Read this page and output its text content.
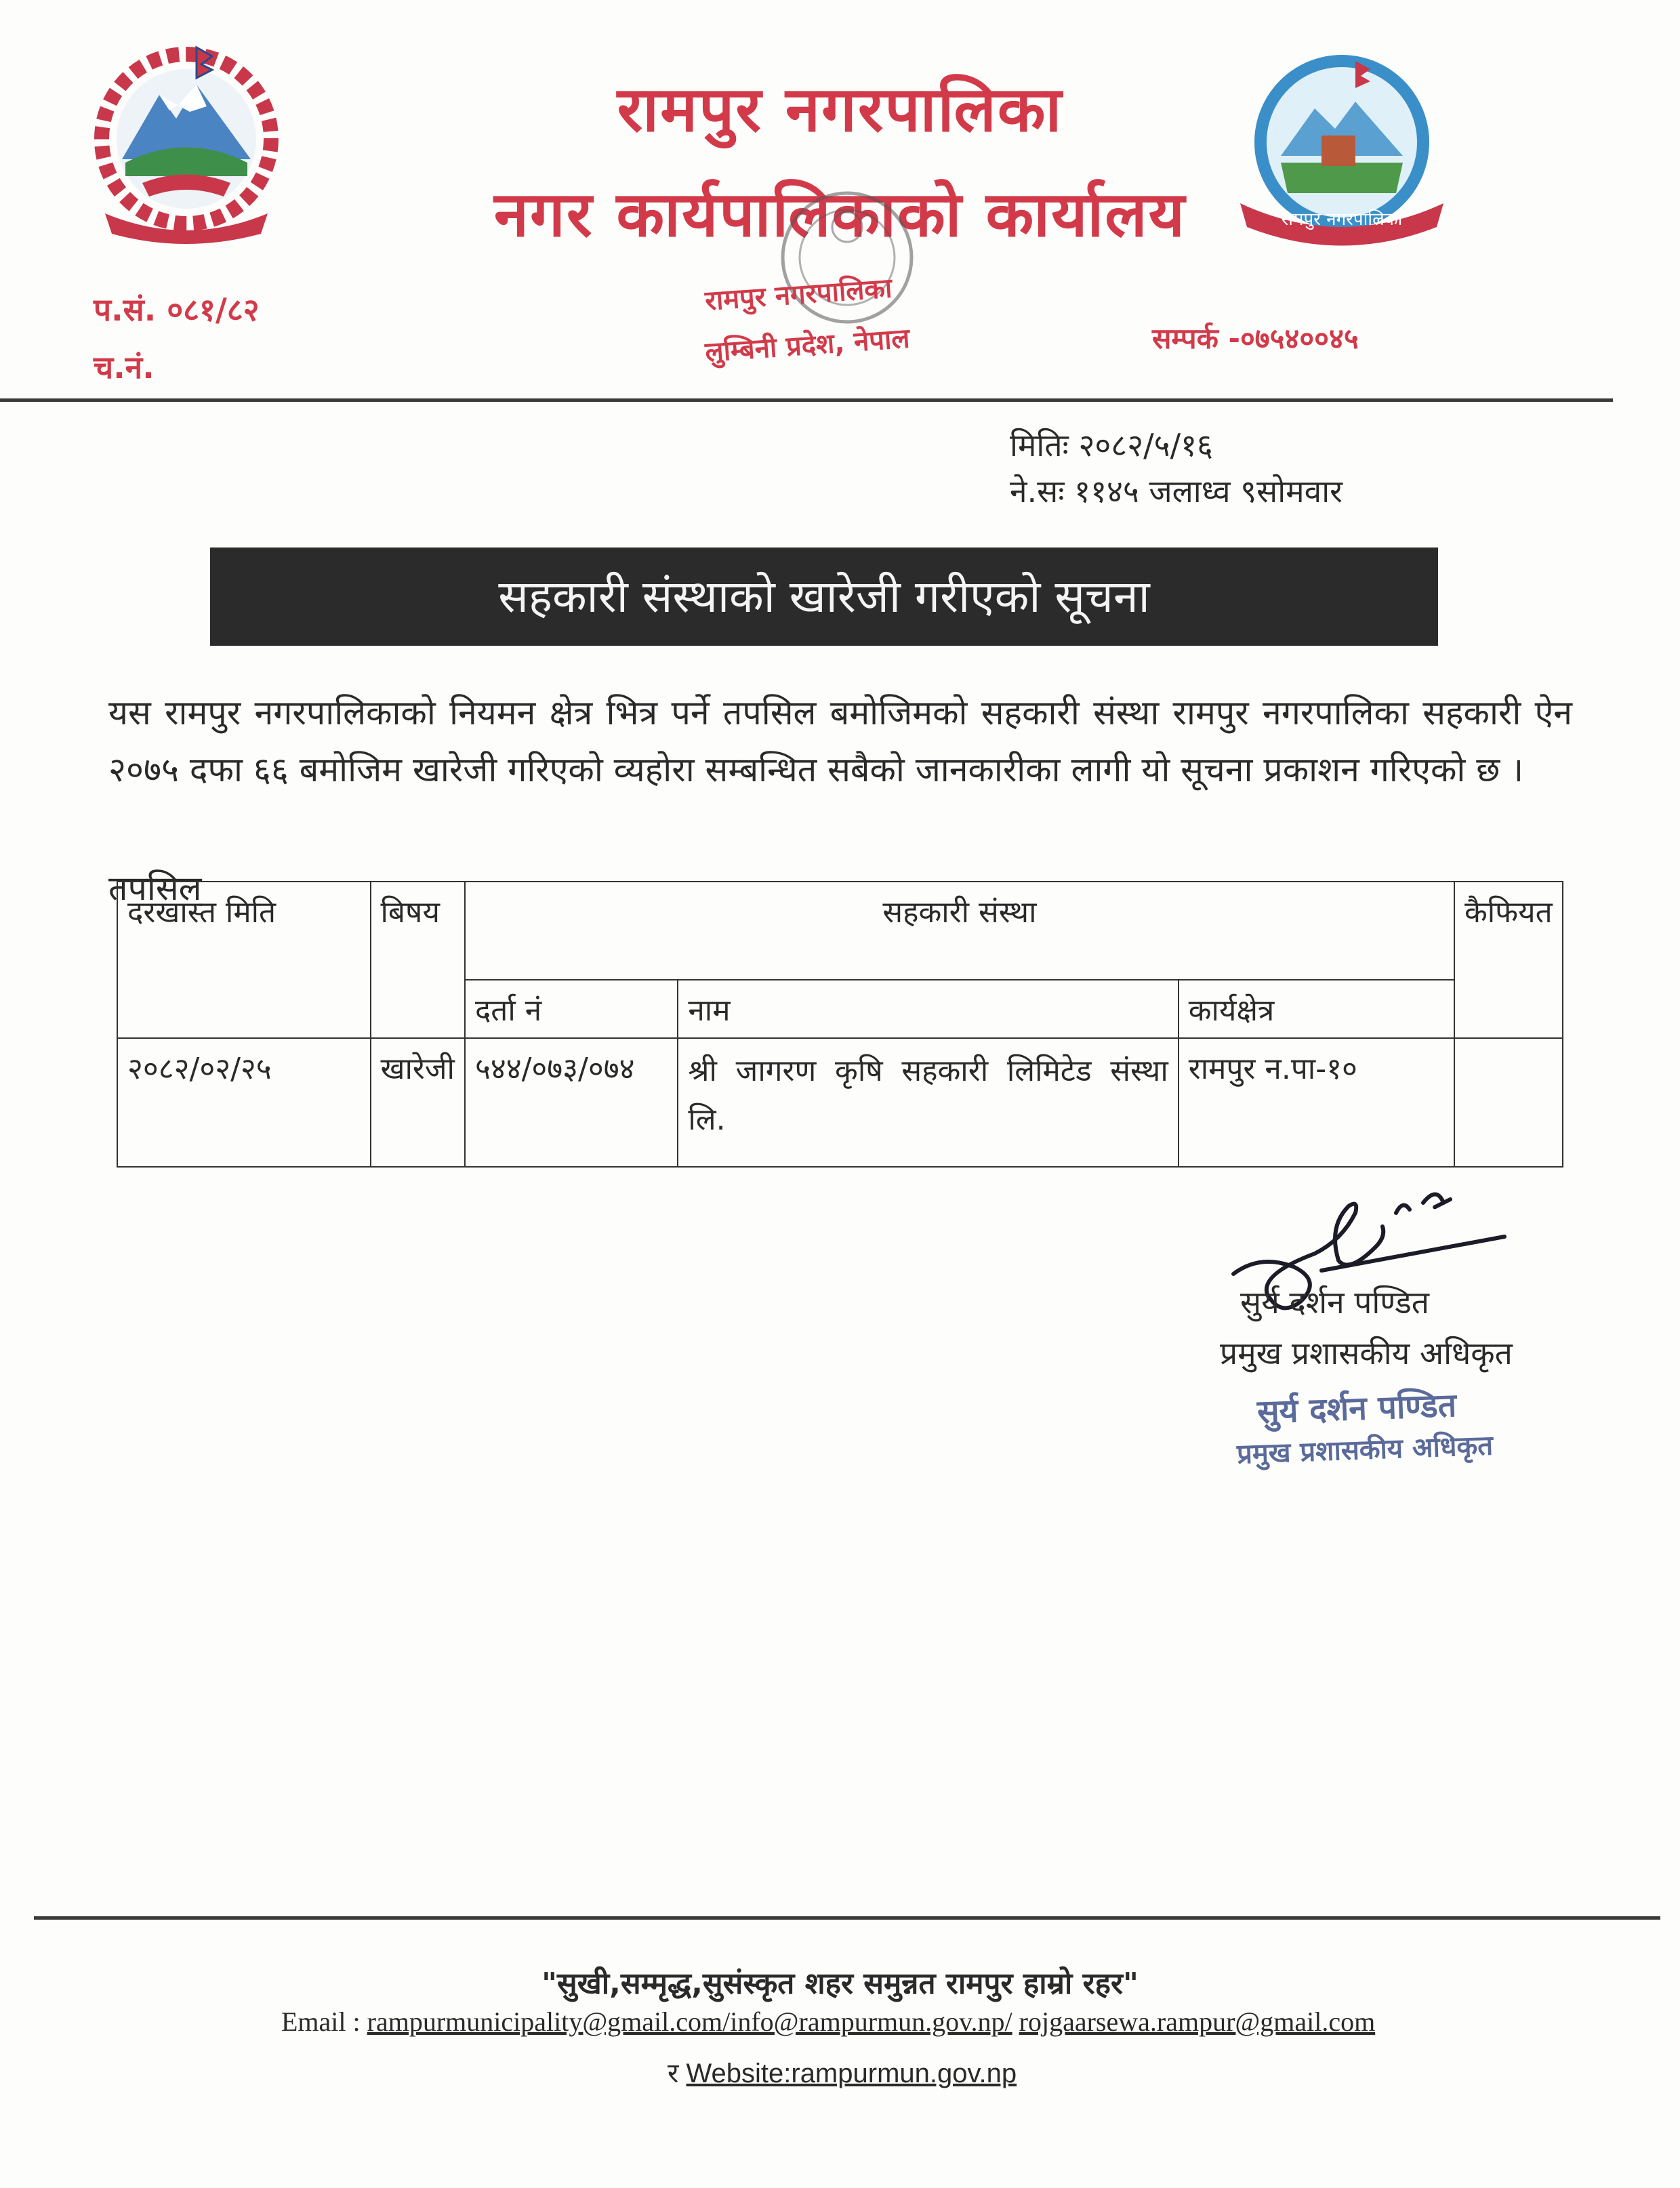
रामपुर नगरपालिका
नगर कार्यपालिकाको कार्यालय	रामपुर नगरपालिका
प.सं. ०८१/८२
च.नं.
सम्पर्क -०७५४००४५
रामपुर नगरपालिका
लुम्बिनी प्रदेश, नेपाल
मितिः २०८२/५/१६
ने.सः ११४५ जलाध्व ९सोमवार
सहकारी संस्थाको खारेजी गरीएको सूचना
यस रामपुर नगरपालिकाको नियमन क्षेत्र भित्र पर्ने तपसिल बमोजिमको सहकारी संस्था रामपुर नगरपालिका सहकारी ऐन २०७५ दफा ६६ बमोजिम खारेजी गरिएको व्यहोरा सम्बन्धित सबैको जानकारीका लागी यो सूचना प्रकाशन गरिएको छ ।
तपसिल
दरखास्त मिति	बिषय	सहकारी संस्था			कैफियत
		दर्ता नं	नाम	कार्यक्षेत्र	
२०८२/०२/२५	खारेजी	५४४/०७३/०७४	श्री जागरण कृषि सहकारी लिमिटेड संस्था लि.	रामपुर न.पा-१०	
सुर्य दर्शन पण्डित
प्रमुख प्रशासकीय अधिकृत
सुर्य दर्शन पण्डित
प्रमुख प्रशासकीय अधिकृत
"सुखी,सम्मृद्ध,सुसंस्कृत शहर समुन्नत रामपुर हाम्रो रहर"
Email : rampurmunicipality@gmail.com/info@rampurmun.gov.np/ rojgaarsewa.rampur@gmail.com
र Website:rampurmun.gov.np
